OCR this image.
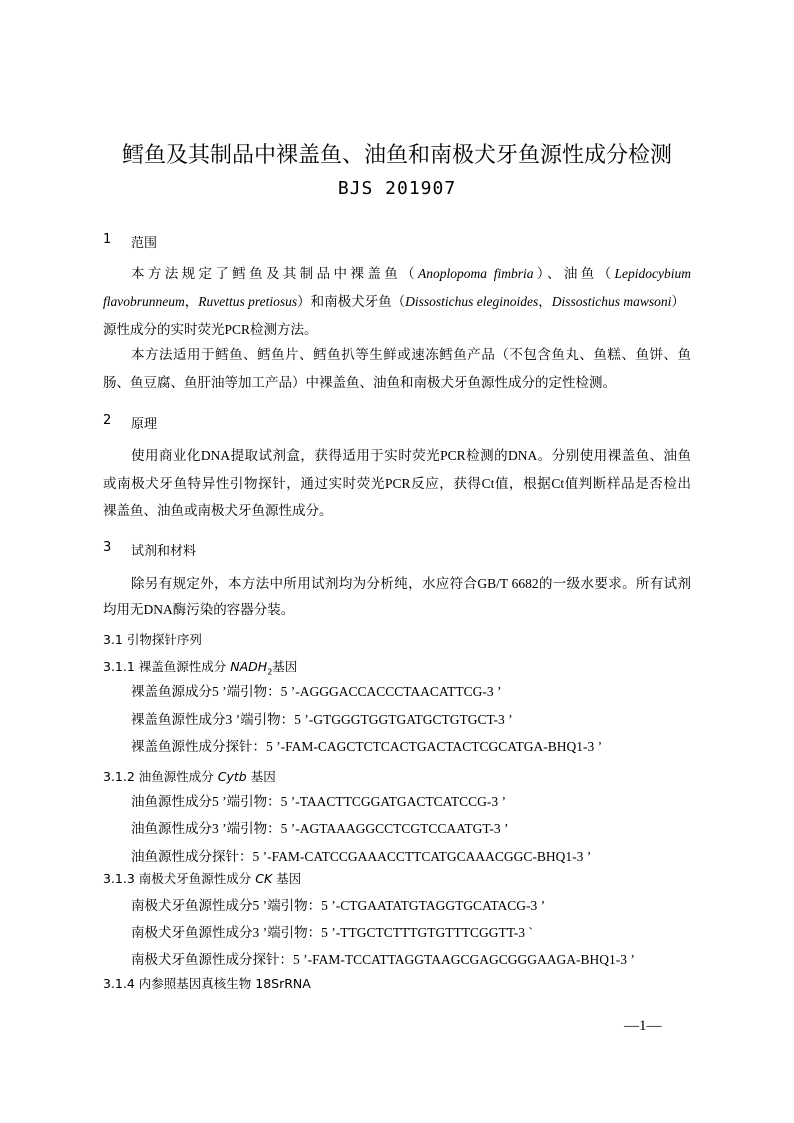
鳕鱼及其制品中裸盖鱼、油鱼和南极犬牙鱼源性成分检测
BJS 201907
1 范围
本方法规定了鳕鱼及其制品中裸盖鱼（Anoplopoma fimbria）、油鱼（Lepidocybium
flavobrunneum，Ruvettus pretiosus）和南极犬牙鱼（Dissostichus eleginoides，Dissostichus mawsoni）
源性成分的实时荧光PCR检测方法。
本方法适用于鳕鱼、鳕鱼片、鳕鱼扒等生鲜或速冻鳕鱼产品（不包含鱼丸、鱼糕、鱼饼、鱼
肠、鱼豆腐、鱼肝油等加工产品）中裸盖鱼、油鱼和南极犬牙鱼源性成分的定性检测。
2 原理
使用商业化DNA提取试剂盒，获得适用于实时荧光PCR检测的DNA。分别使用裸盖鱼、油鱼
或南极犬牙鱼特异性引物探针，通过实时荧光PCR反应，获得Ct值，根据Ct值判断样品是否检出
裸盖鱼、油鱼或南极犬牙鱼源性成分。
3 试剂和材料
除另有规定外，本方法中所用试剂均为分析纯，水应符合GB/T 6682的一级水要求。所有试剂
均用无DNA酶污染的容器分装。
3.1 引物探针序列
3.1.1 裸盖鱼源性成分 $NADH_2$基因
裸盖鱼源成分5 ’端引物：5 ’-AGGGACCACCCTAACATTCG-3 ’
裸盖鱼源性成分3 ’端引物：5 ’-GTGGGTGGTGATGCTGTGCT-3 ’
裸盖鱼源性成分探针：5 ’-FAM-CAGCTCTCACTGACTACTCGCATGA-BHQ1-3 ’
3.1.2 油鱼源性成分 Cytb 基因
油鱼源性成分5 ’端引物：5 ’-TAACTTCGGATGACTCATCCG-3 ’
油鱼源性成分3 ’端引物：5 ’-AGTAAAGGCCTCGTCCAATGT-3 ’
油鱼源性成分探针：5 ’-FAM-CATCCGAAACCTTCATGCAAACGGC-BHQ1-3 ’
3.1.3 南极犬牙鱼源性成分 CK 基因
南极犬牙鱼源性成分5 ’端引物：5 ’-CTGAATATGTAGGTGCATACG-3 ’
南极犬牙鱼源性成分3 ’端引物：5 ’-TTGCTCTTTGTGTTTCGGTT-3 `
南极犬牙鱼源性成分探针：5 ’-FAM-TCCATTAGGTAAGCGAGCGGGAAGA-BHQ1-3 ’
3.1.4 内参照基因真核生物 18SrRNA
—1—
